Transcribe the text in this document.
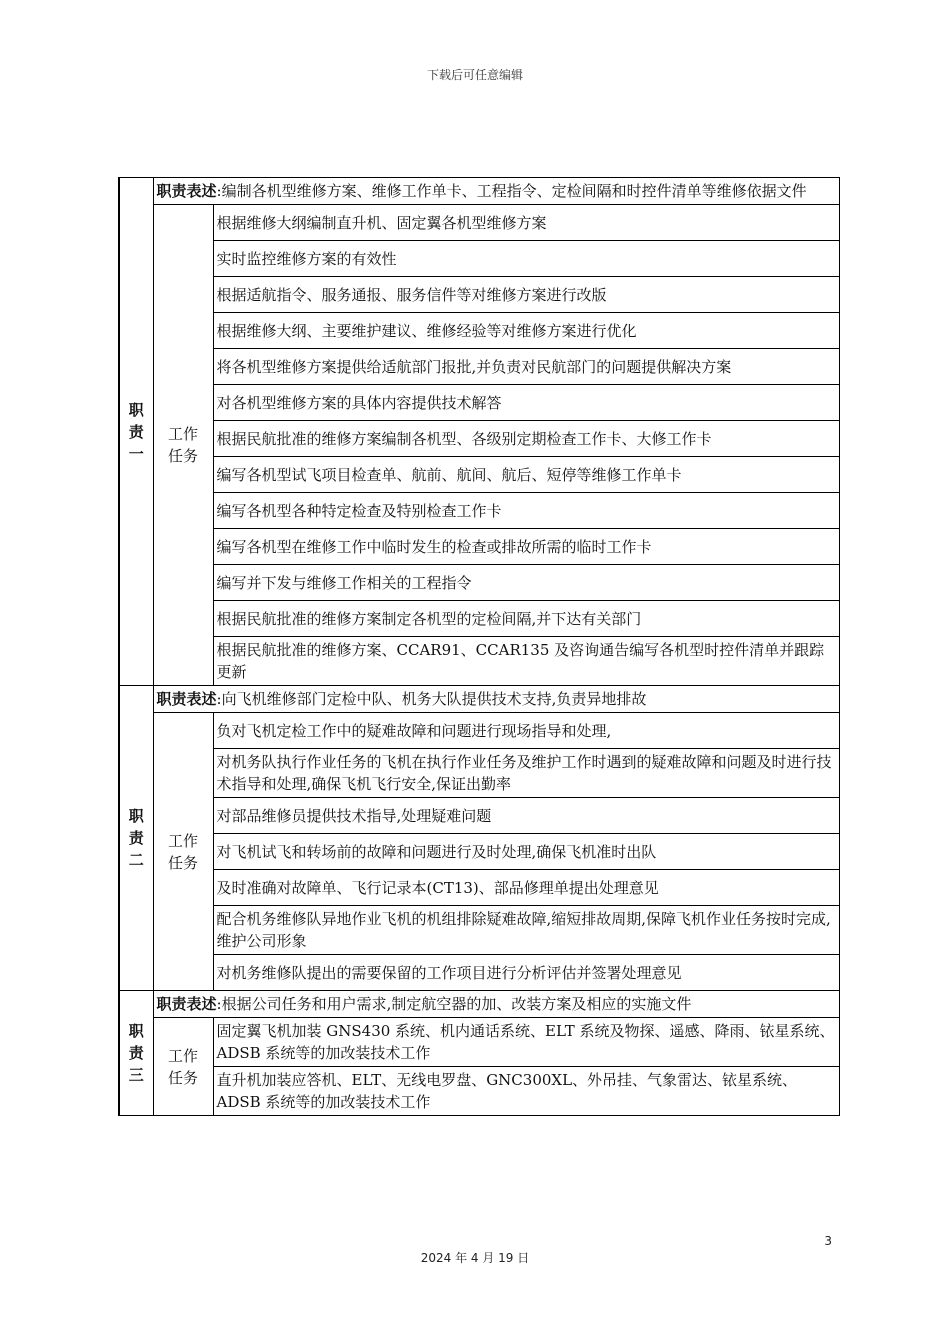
下载后可任意编辑
职
责
一	职责表述:编制各机型维修方案、维修工作单卡、工程指令、定检间隔和时控件清单等维修依据文件	

	工作
任务	根据维修大纲编制直升机、固定翼各机型维修方案
		实时监控维修方案的有效性
		根据适航指令、服务通报、服务信件等对维修方案进行改版
		根据维修大纲、主要维护建议、维修经验等对维修方案进行优化
		将各机型维修方案提供给适航部门报批,并负责对民航部门的问题提供解决方案
		对各机型维修方案的具体内容提供技术解答
		根据民航批准的维修方案编制各机型、各级别定期检查工作卡、大修工作卡
		编写各机型试飞项目检查单、航前、航间、航后、短停等维修工作单卡
		编写各机型各种特定检查及特别检查工作卡
		编写各机型在维修工作中临时发生的检查或排故所需的临时工作卡
		编写并下发与维修工作相关的工程指令
		根据民航批准的维修方案制定各机型的定检间隔,并下达有关部门
		根据民航批准的维修方案、CCAR91、CCAR135 及咨询通告编写各机型时控件清单并跟踪更新

职
责
二	职责表述:向飞机维修部门定检中队、机务大队提供技术支持,负责异地排故	

	工作
任务	负对飞机定检工作中的疑难故障和问题进行现场指导和处理,
		对机务队执行作业任务的飞机在执行作业任务及维护工作时遇到的疑难故障和问题及时进行技术指导和处理,确保飞机飞行安全,保证出勤率
		对部品维修员提供技术指导,处理疑难问题
		对飞机试飞和转场前的故障和问题进行及时处理,确保飞机准时出队
		及时准确对故障单、飞行记录本(CT13)、部品修理单提出处理意见
		配合机务维修队异地作业飞机的机组排除疑难故障,缩短排故周期,保障飞机作业任务按时完成,维护公司形象
		对机务维修队提出的需要保留的工作项目进行分析评估并签署处理意见

职
责
三	职责表述:根据公司任务和用户需求,制定航空器的加、改装方案及相应的实施文件	

	工作
任务	固定翼飞机加装 GNS430 系统、机内通话系统、ELT 系统及物探、遥感、降雨、铱星系统、ADSB 系统等的加改装技术工作
		直升机加装应答机、ELT、无线电罗盘、GNC300XL、外吊挂、气象雷达、铱星系统、ADSB 系统等的加改装技术工作
3
2024 年 4 月 19 日
